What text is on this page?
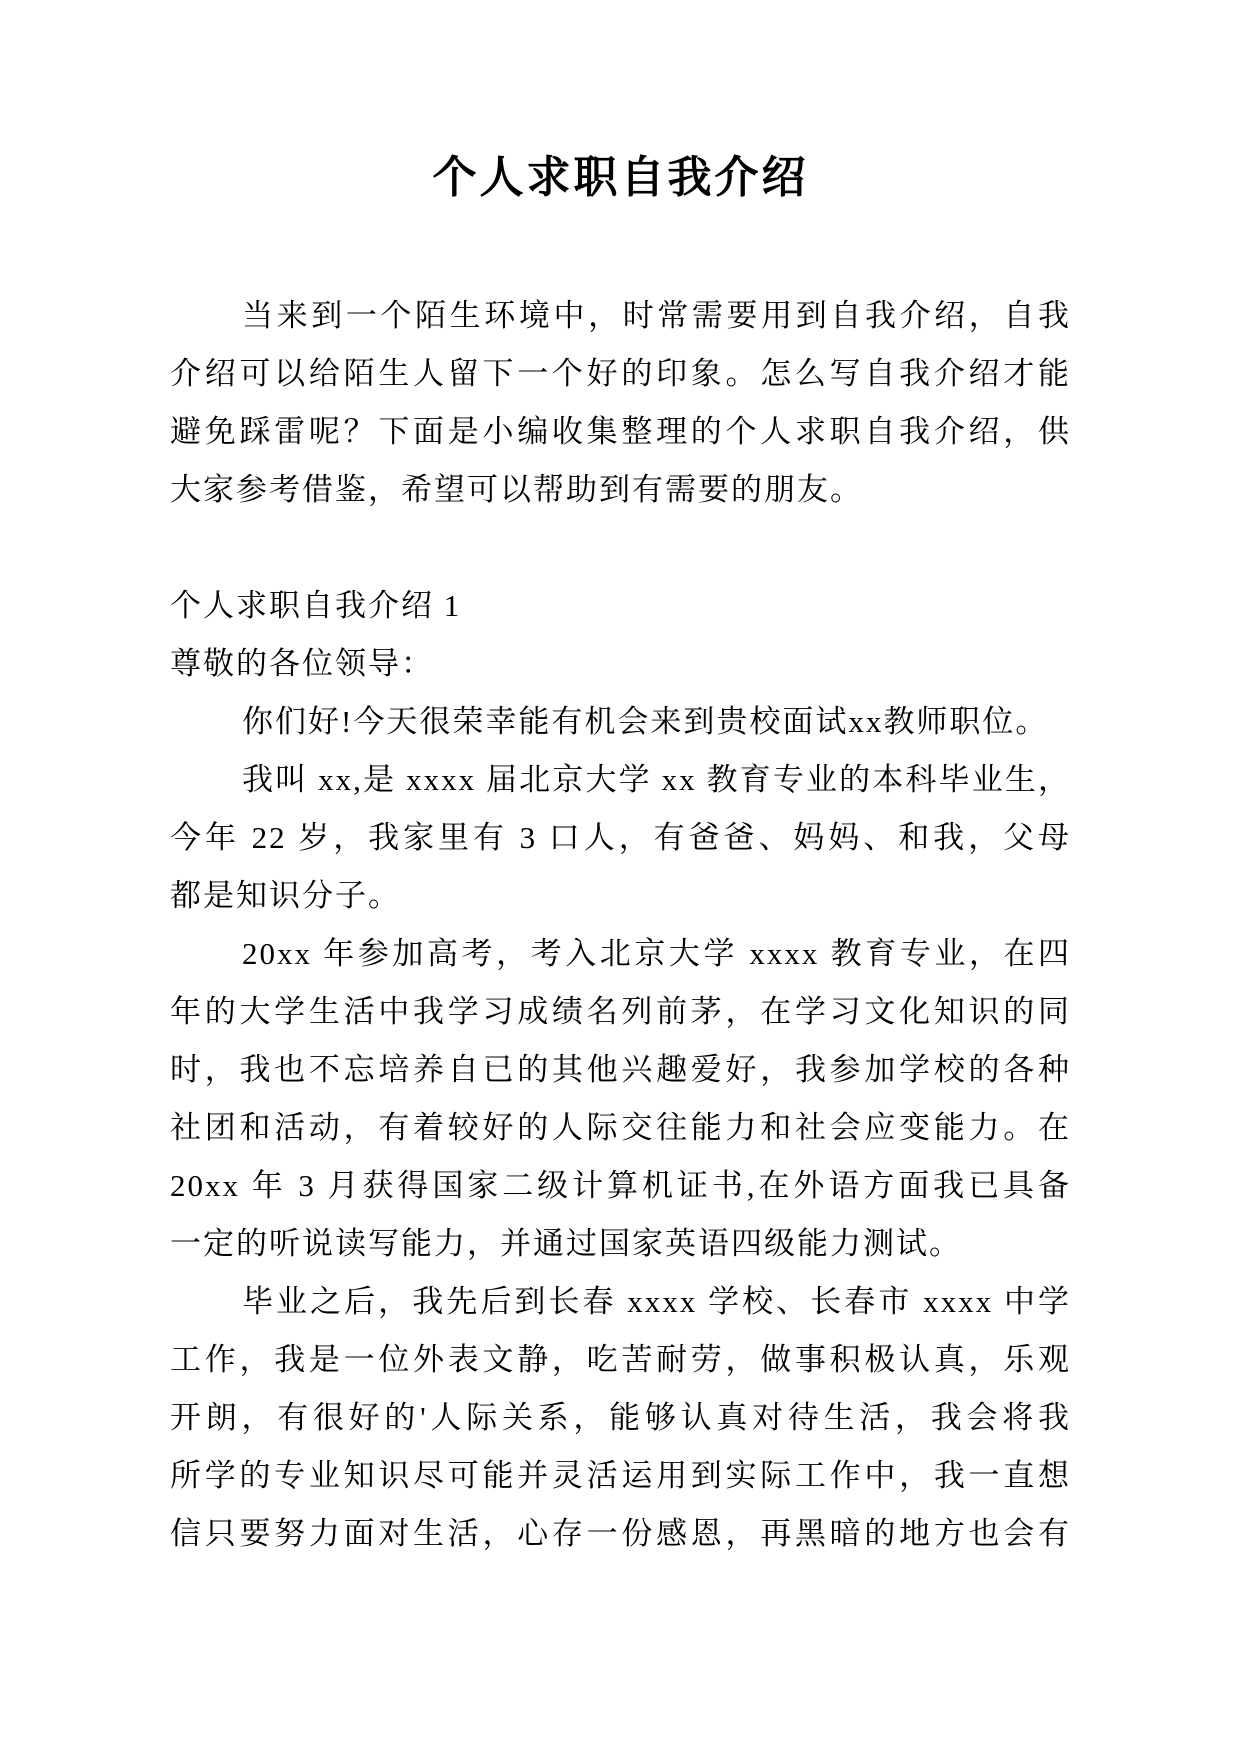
个人求职自我介绍
当来到一个陌生环境中，时常需要用到自我介绍，自我
介绍可以给陌生人留下一个好的印象。怎么写自我介绍才能
避免踩雷呢？下面是小编收集整理的个人求职自我介绍，供
大家参考借鉴，希望可以帮助到有需要的朋友。
个人求职自我介绍 1
尊敬的各位领导：
你们好!今天很荣幸能有机会来到贵校面试xx教师职位。
我叫 xx,是 xxxx 届北京大学 xx 教育专业的本科毕业生，
今年 22 岁，我家里有 3 口人，有爸爸、妈妈、和我，父母
都是知识分子。
20xx 年参加高考，考入北京大学 xxxx 教育专业，在四
年的大学生活中我学习成绩名列前茅，在学习文化知识的同
时，我也不忘培养自已的其他兴趣爱好，我参加学校的各种
社团和活动，有着较好的人际交往能力和社会应变能力。在
20xx 年 3 月获得国家二级计算机证书,在外语方面我已具备
一定的听说读写能力，并通过国家英语四级能力测试。
毕业之后，我先后到长春 xxxx 学校、长春市 xxxx 中学
工作，我是一位外表文静，吃苦耐劳，做事积极认真，乐观
开朗，有很好的'人际关系，能够认真对待生活，我会将我
所学的专业知识尽可能并灵活运用到实际工作中，我一直想
信只要努力面对生活，心存一份感恩，再黑暗的地方也会有
